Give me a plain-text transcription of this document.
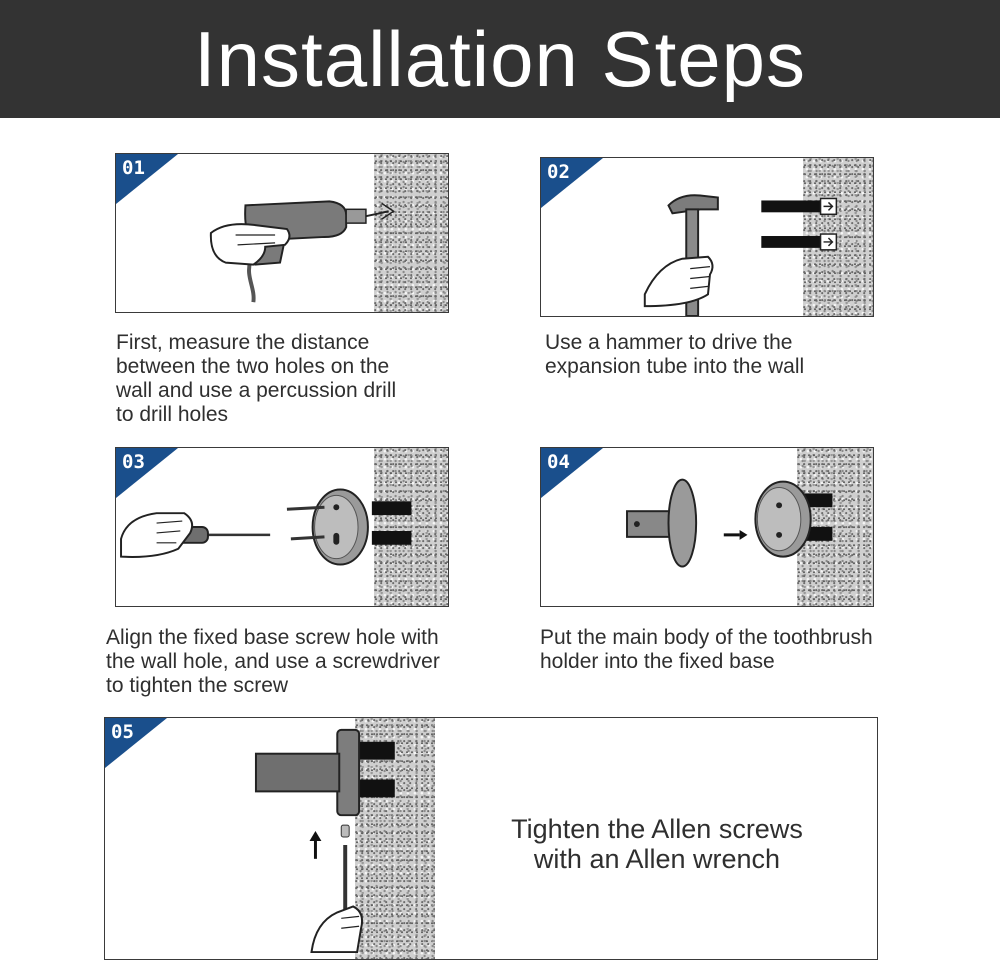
Installation Steps
01
First, measure the distance
between the two holes on the
wall and use a percussion drill
to drill holes
02
Use a hammer to drive the
expansion tube into the wall
03
Align the fixed base screw hole with
the wall hole, and use a screwdriver
to tighten the screw
04
Put the main body of the toothbrush
holder into the fixed base
05
Tighten the Allen screws
with an Allen wrench
